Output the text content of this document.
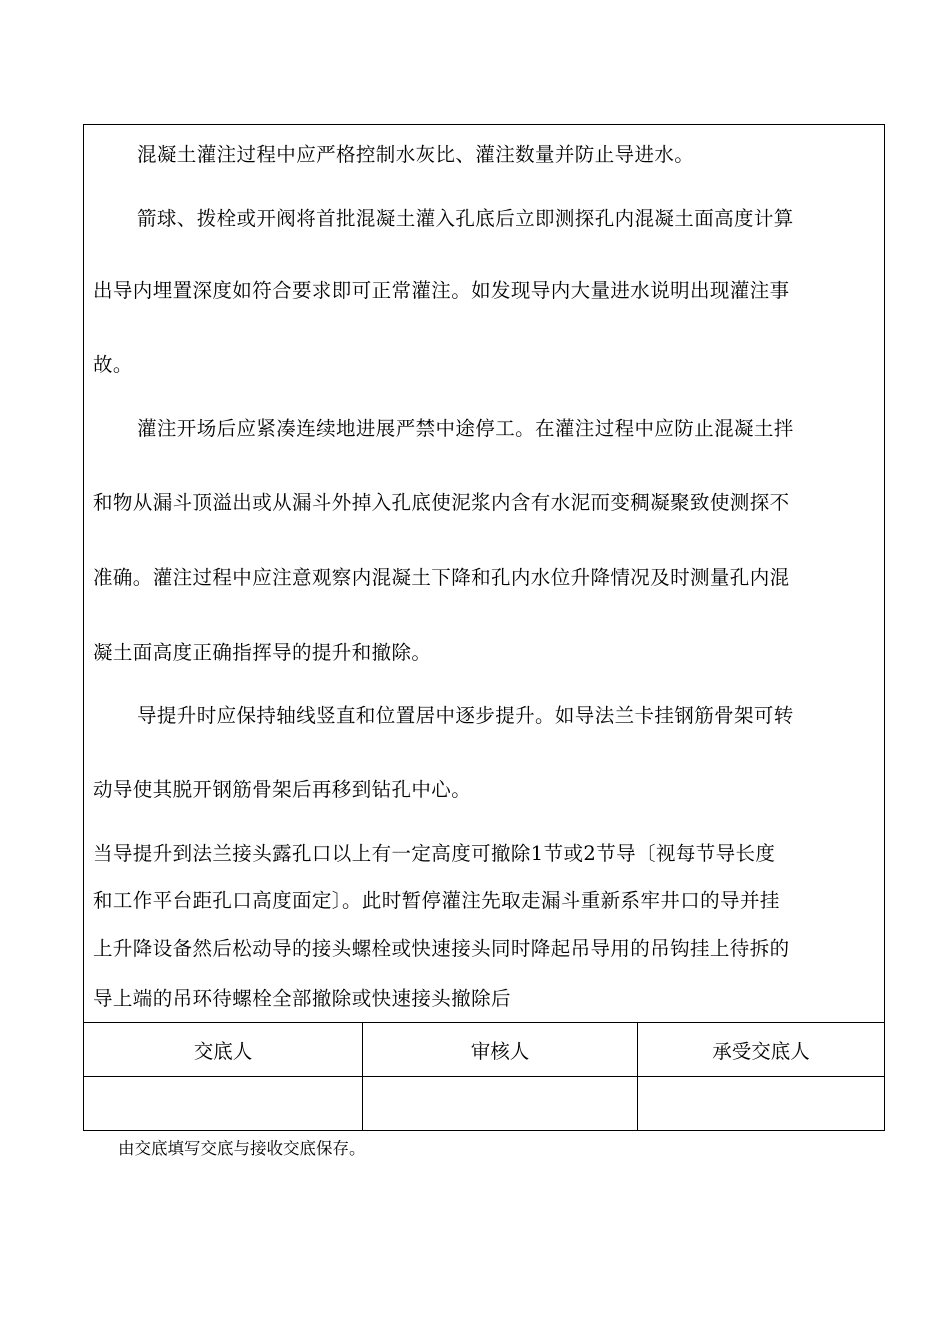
混凝土灌注过程中应严格控制水灰比、灌注数量并防止导进水。
箭球、拨栓或开阀将首批混凝土灌入孔底后立即测探孔内混凝土面高度计算
出导内埋置深度如符合要求即可正常灌注。如发现导内大量进水说明出现灌注事
故。
灌注开场后应紧凑连续地进展严禁中途停工。在灌注过程中应防止混凝土拌
和物从漏斗顶溢出或从漏斗外掉入孔底使泥浆内含有水泥而变稠凝聚致使测探不
准确。灌注过程中应注意观察内混凝土下降和孔内水位升降情况及时测量孔内混
凝土面高度正确指挥导的提升和撤除。
导提升时应保持轴线竖直和位置居中逐步提升。如导法兰卡挂钢筋骨架可转
动导使其脱开钢筋骨架后再移到钻孔中心。
当导提升到法兰接头露孔口以上有一定高度可撤除1节或2节导〔视每节导长度
和工作平台距孔口高度面定〕。此时暂停灌注先取走漏斗重新系牢井口的导并挂
上升降设备然后松动导的接头螺栓或快速接头同时降起吊导用的吊钩挂上待拆的
导上端的吊环待螺栓全部撤除或快速接头撤除后
交底人	审核人	承受交底人
由交底填写交底与接收交底保存。
